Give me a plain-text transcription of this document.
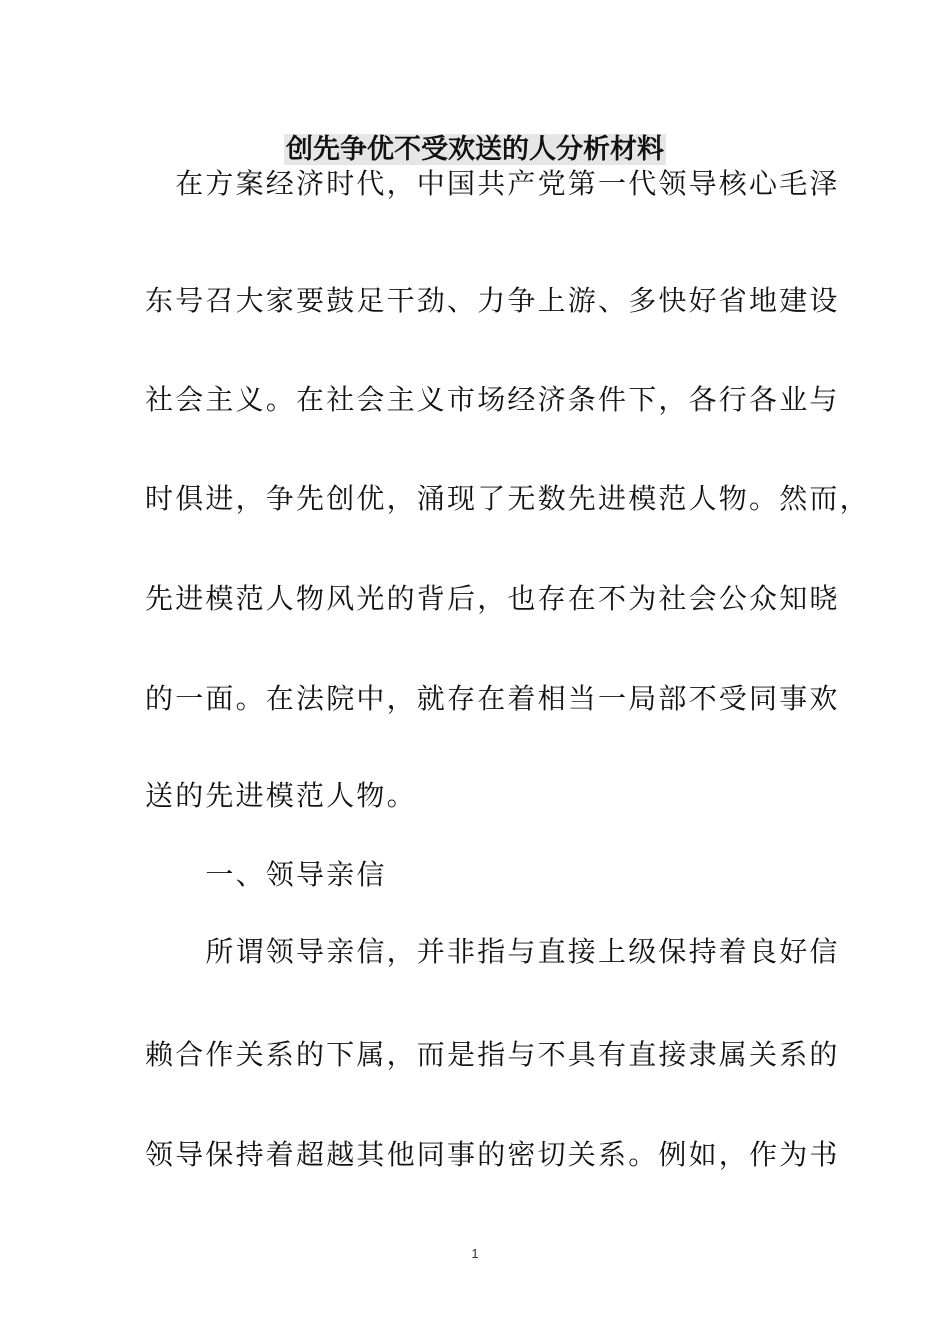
创先争优不受欢送的人分析材料

　在方案经济时代，中国共产党第一代领导核心毛泽

东号召大家要鼓足干劲、力争上游、多快好省地建设

社会主义。在社会主义市场经济条件下，各行各业与

时俱进，争先创优，涌现了无数先进模范人物。然而，

先进模范人物风光的背后，也存在不为社会公众知晓

的一面。在法院中，就存在着相当一局部不受同事欢

送的先进模范人物。

　　一、领导亲信

　　所谓领导亲信，并非指与直接上级保持着良好信

赖合作关系的下属，而是指与不具有直接隶属关系的

领导保持着超越其他同事的密切关系。例如，作为书

1
